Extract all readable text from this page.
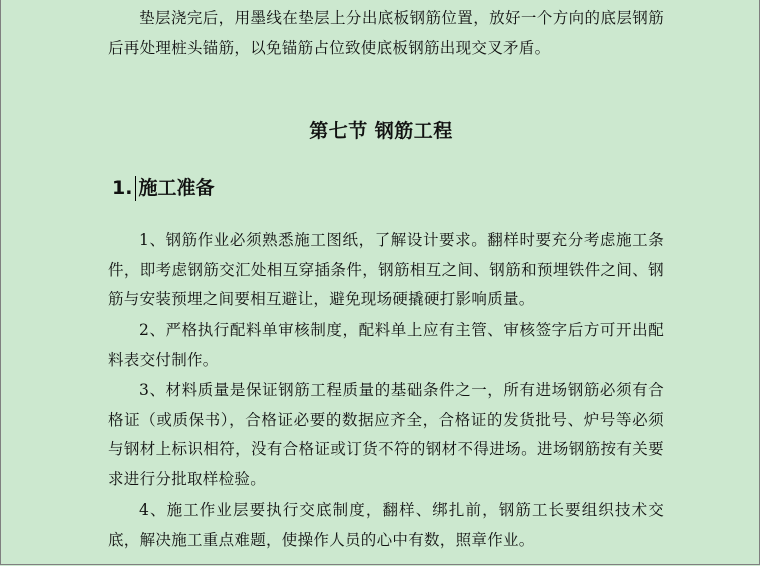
垫层浇完后，用墨线在垫层上分出底板钢筋位置，放好一个方向的底层钢筋后再处理桩头锚筋，以免锚筋占位致使底板钢筋出现交叉矛盾。

第七节 钢筋工程
1. 施工准备

1、钢筋作业必须熟悉施工图纸，了解设计要求。翻样时要充分考虑施工条件，即考虑钢筋交汇处相互穿插条件，钢筋相互之间、钢筋和预埋铁件之间、钢筋与安装预埋之间要相互避让，避免现场硬撬硬打影响质量。

2、严格执行配料单审核制度，配料单上应有主管、审核签字后方可开出配料表交付制作。

3、材料质量是保证钢筋工程质量的基础条件之一，所有进场钢筋必须有合格证（或质保书），合格证必要的数据应齐全，合格证的发货批号、炉号等必须与钢材上标识相符，没有合格证或订货不符的钢材不得进场。进场钢筋按有关要求进行分批取样检验。

4、施工作业层要执行交底制度，翻样、绑扎前，钢筋工长要组织技术交底，解决施工重点难题，使操作人员的心中有数，照章作业。
